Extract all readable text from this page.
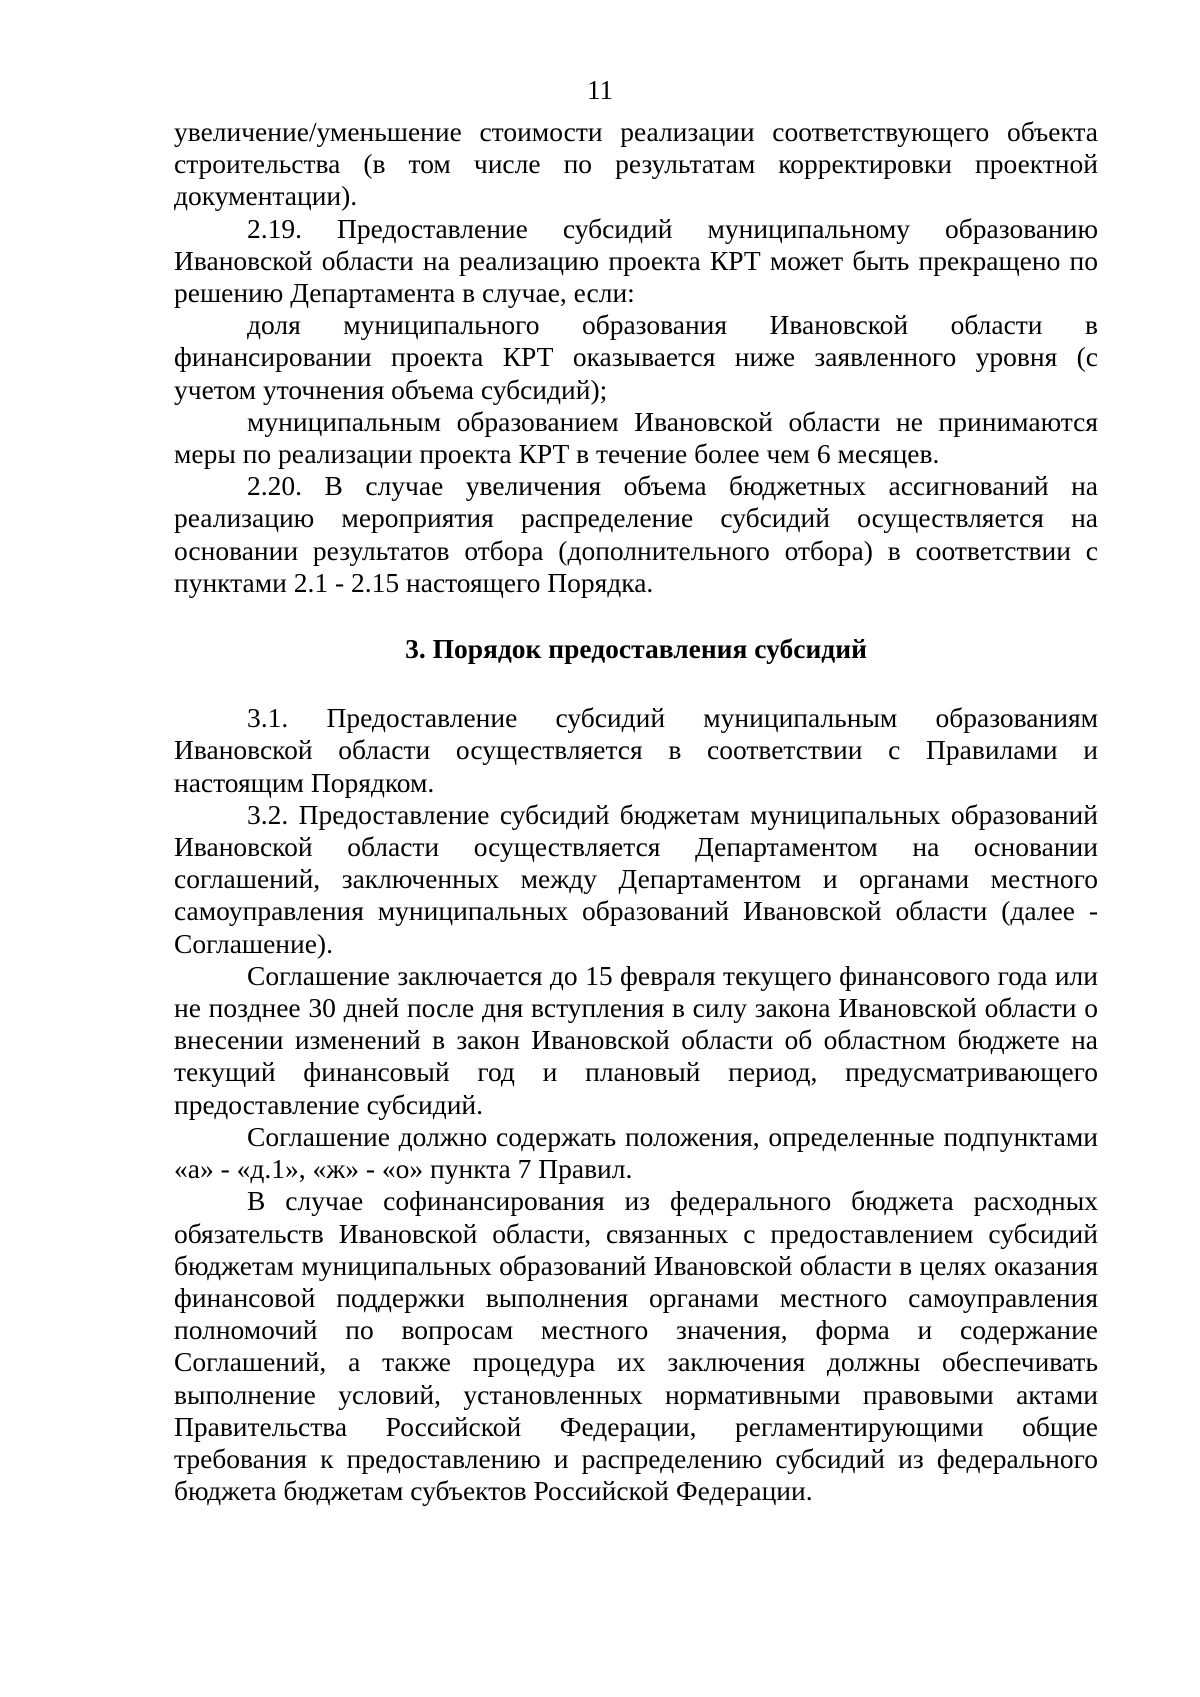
11

увеличение/уменьшение стоимости реализации соответствующего объекта строительства (в том числе по результатам корректировки проектной документации).

2.19. Предоставление субсидий муниципальному образованию Ивановской области на реализацию проекта КРТ может быть прекращено по решению Департамента в случае, если:

доля муниципального образования Ивановской области в финансировании проекта КРТ оказывается ниже заявленного уровня (с учетом уточнения объема субсидий);

муниципальным образованием Ивановской области не принимаются меры по реализации проекта КРТ в течение более чем 6 месяцев.

2.20. В случае увеличения объема бюджетных ассигнований на реализацию мероприятия распределение субсидий осуществляется на основании результатов отбора (дополнительного отбора) в соответствии с пунктами 2.1 - 2.15 настоящего Порядка.

3. Порядок предоставления субсидий

3.1. Предоставление субсидий муниципальным образованиям Ивановской области осуществляется в соответствии с Правилами и настоящим Порядком.

3.2. Предоставление субсидий бюджетам муниципальных образований Ивановской области осуществляется Департаментом на основании соглашений, заключенных между Департаментом и органами местного самоуправления муниципальных образований Ивановской области (далее - Соглашение).

Соглашение заключается до 15 февраля текущего финансового года или не позднее 30 дней после дня вступления в силу закона Ивановской области о внесении изменений в закон Ивановской области об областном бюджете на текущий финансовый год и плановый период, предусматривающего предоставление субсидий.

Соглашение должно содержать положения, определенные подпунктами «а» - «д.1», «ж» - «о» пункта 7 Правил.

В случае софинансирования из федерального бюджета расходных обязательств Ивановской области, связанных с предоставлением субсидий бюджетам муниципальных образований Ивановской области в целях оказания финансовой поддержки выполнения органами местного самоуправления полномочий по вопросам местного значения, форма и содержание Соглашений, а также процедура их заключения должны обеспечивать выполнение условий, установленных нормативными правовыми актами Правительства Российской Федерации, регламентирующими общие требования к предоставлению и распределению субсидий из федерального бюджета бюджетам субъектов Российской Федерации.
